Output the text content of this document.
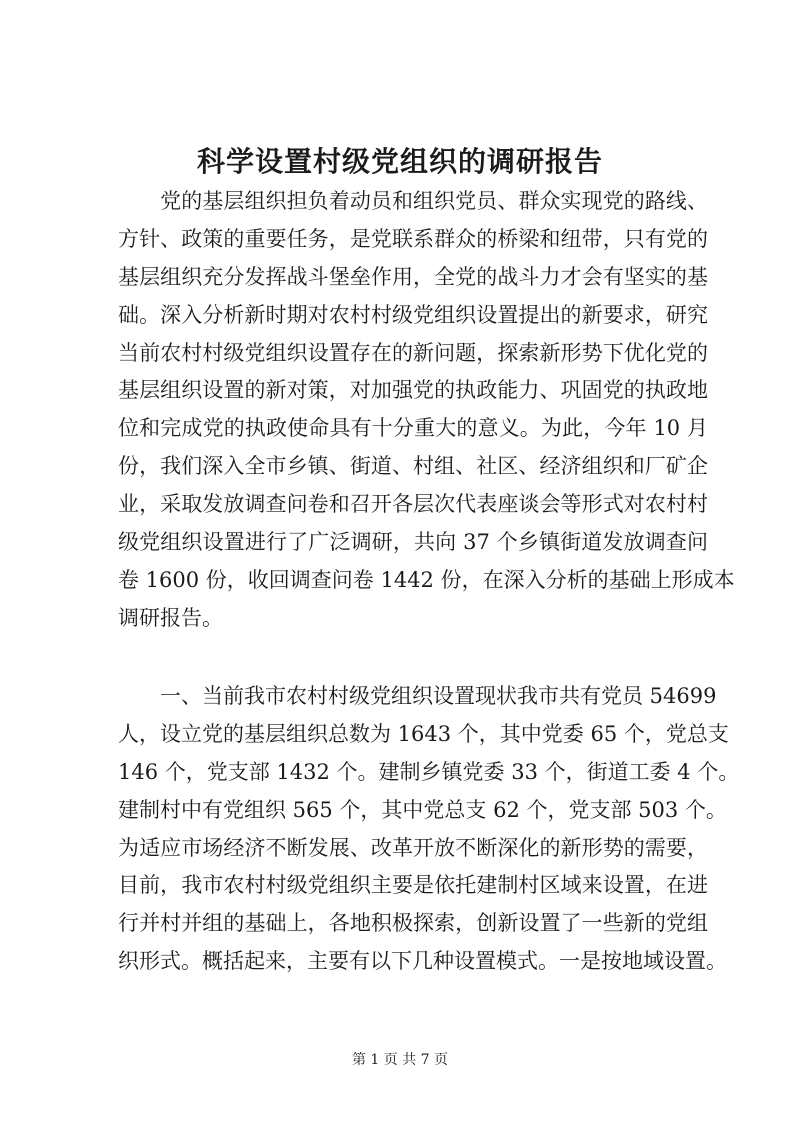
科学设置村级党组织的调研报告
　　党的基层组织担负着动员和组织党员、群众实现党的路线、
方针、政策的重要任务，是党联系群众的桥梁和纽带，只有党的
基层组织充分发挥战斗堡垒作用，全党的战斗力才会有坚实的基
础。深入分析新时期对农村村级党组织设置提出的新要求，研究
当前农村村级党组织设置存在的新问题，探索新形势下优化党的
基层组织设置的新对策，对加强党的执政能力、巩固党的执政地
位和完成党的执政使命具有十分重大的意义。为此，今年 10 月
份，我们深入全市乡镇、街道、村组、社区、经济组织和厂矿企
业，采取发放调查问卷和召开各层次代表座谈会等形式对农村村
级党组织设置进行了广泛调研，共向 37 个乡镇街道发放调查问
卷 1600 份，收回调查问卷 1442 份，在深入分析的基础上形成本
调研报告。
　　一、当前我市农村村级党组织设置现状我市共有党员 54699
人，设立党的基层组织总数为 1643 个，其中党委 65 个，党总支
146 个，党支部 1432 个。建制乡镇党委 33 个，街道工委 4 个。
建制村中有党组织 565 个，其中党总支 62 个，党支部 503 个。
为适应市场经济不断发展、改革开放不断深化的新形势的需要，
目前，我市农村村级党组织主要是依托建制村区域来设置，在进
行并村并组的基础上，各地积极探索，创新设置了一些新的党组
织形式。概括起来，主要有以下几种设置模式。一是按地域设置。
第 1 页 共 7 页
